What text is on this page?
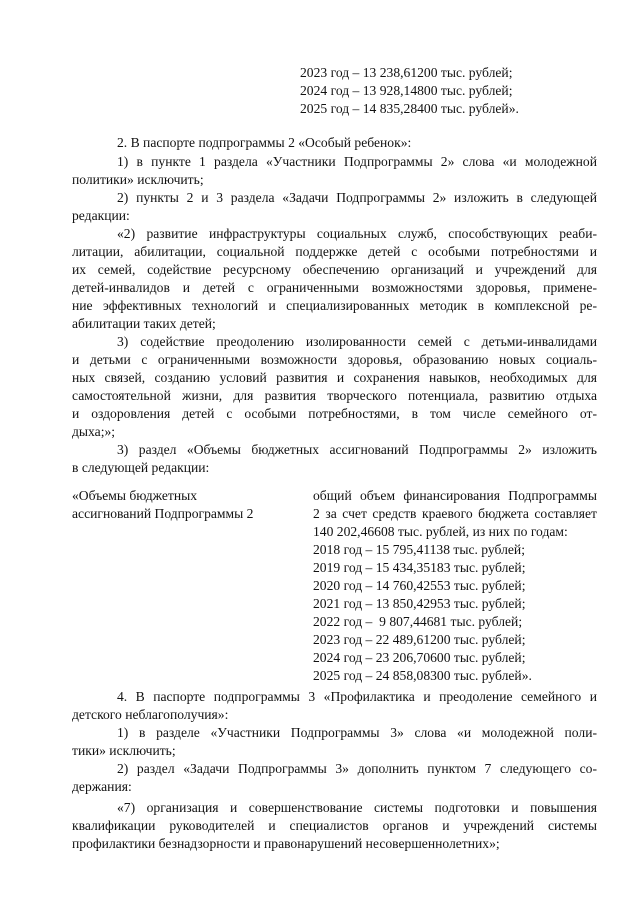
2023 год – 13 238,61200 тыс. рублей;
2024 год – 13 928,14800 тыс. рублей;
2025 год – 14 835,28400 тыс. рублей».
2. В паспорте подпрограммы 2 «Особый ребенок»:
1) в пункте 1 раздела «Участники Подпрограммы 2» слова «и молодежной
политики» исключить;
2) пункты 2 и 3 раздела «Задачи Подпрограммы 2» изложить в следующей
редакции:
«2) развитие инфраструктуры социальных служб, способствующих реаби-
литации, абилитации, социальной поддержке детей с особыми потребностями и
их семей, содействие ресурсному обеспечению организаций и учреждений для
детей-инвалидов и детей с ограниченными возможностями здоровья, примене-
ние эффективных технологий и специализированных методик в комплексной ре-
абилитации таких детей;
3) содействие преодолению изолированности семей с детьми-инвалидами
и детьми с ограниченными возможности здоровья, образованию новых социаль-
ных связей, созданию условий развития и сохранения навыков, необходимых для
самостоятельной жизни, для развития творческого потенциала, развитию отдыха
и оздоровления детей с особыми потребностями, в том числе семейного от-
дыха;»;
3) раздел «Объемы бюджетных ассигнований Подпрограммы 2» изложить
в следующей редакции:
«Объемы бюджетных
ассигнований Подпрограммы 2
общий объем финансирования Подпрограммы
2 за счет средств краевого бюджета составляет
140 202,46608 тыс. рублей, из них по годам:
2018 год – 15 795,41138 тыс. рублей;
2019 год – 15 434,35183 тыс. рублей;
2020 год – 14 760,42553 тыс. рублей;
2021 год – 13 850,42953 тыс. рублей;
2022 год –  9 807,44681 тыс. рублей;
2023 год – 22 489,61200 тыс. рублей;
2024 год – 23 206,70600 тыс. рублей;
2025 год – 24 858,08300 тыс. рублей».
4. В паспорте подпрограммы 3 «Профилактика и преодоление семейного и
детского неблагополучия»:
1) в разделе «Участники Подпрограммы 3» слова «и молодежной поли-
тики» исключить;
2) раздел «Задачи Подпрограммы 3» дополнить пунктом 7 следующего со-
держания:
«7) организация и совершенствование системы подготовки и повышения
квалификации руководителей и специалистов органов и учреждений системы
профилактики безнадзорности и правонарушений несовершеннолетних»;
